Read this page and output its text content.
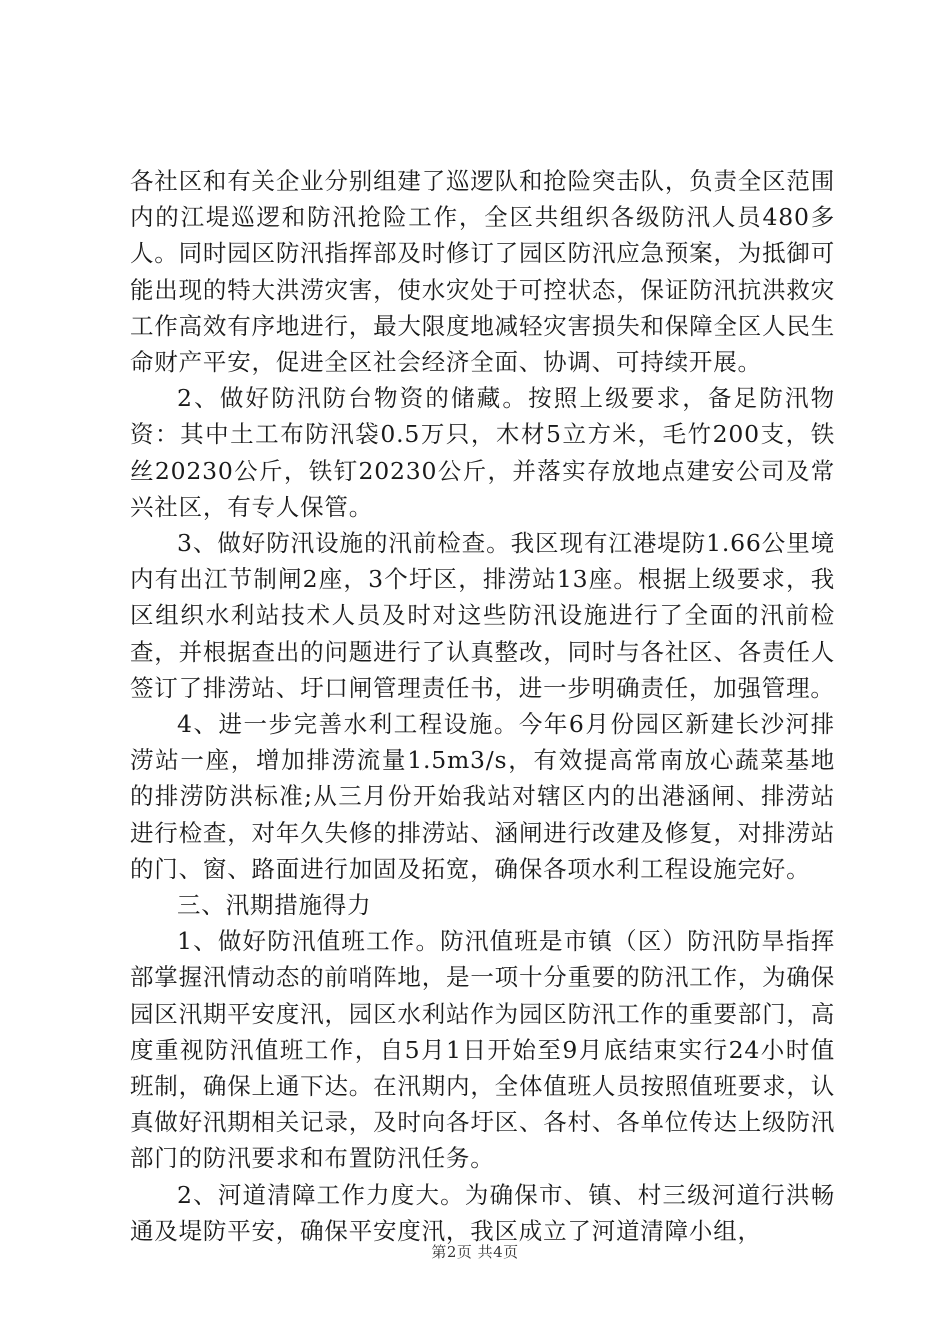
各社区和有关企业分别组建了巡逻队和抢险突击队，负责全区范围内的江堤巡逻和防汛抢险工作，全区共组织各级防汛人员480多人。同时园区防汛指挥部及时修订了园区防汛应急预案，为抵御可能出现的特大洪涝灾害，使水灾处于可控状态，保证防汛抗洪救灾工作高效有序地进行，最大限度地减轻灾害损失和保障全区人民生命财产平安，促进全区社会经济全面、协调、可持续开展。

2、做好防汛防台物资的储藏。按照上级要求，备足防汛物资：其中土工布防汛袋0.5万只，木材5立方米，毛竹200支，铁丝20230公斤，铁钉20230公斤，并落实存放地点建安公司及常兴社区，有专人保管。

3、做好防汛设施的汛前检查。我区现有江港堤防1.66公里境内有出江节制闸2座，3个圩区，排涝站13座。根据上级要求，我区组织水利站技术人员及时对这些防汛设施进行了全面的汛前检查，并根据查出的问题进行了认真整改，同时与各社区、各责任人签订了排涝站、圩口闸管理责任书，进一步明确责任，加强管理。

4、进一步完善水利工程设施。今年6月份园区新建长沙河排涝站一座，增加排涝流量1.5m3/s，有效提高常南放心蔬菜基地的排涝防洪标准;从三月份开始我站对辖区内的出港涵闸、排涝站进行检查，对年久失修的排涝站、涵闸进行改建及修复，对排涝站的门、窗、路面进行加固及拓宽，确保各项水利工程设施完好。

三、汛期措施得力

1、做好防汛值班工作。防汛值班是市镇（区）防汛防旱指挥部掌握汛情动态的前哨阵地，是一项十分重要的防汛工作，为确保园区汛期平安度汛，园区水利站作为园区防汛工作的重要部门，高度重视防汛值班工作，自5月1日开始至9月底结束实行24小时值班制，确保上通下达。在汛期内，全体值班人员按照值班要求，认真做好汛期相关记录，及时向各圩区、各村、各单位传达上级防汛部门的防汛要求和布置防汛任务。

2、河道清障工作力度大。为确保市、镇、村三级河道行洪畅通及堤防平安，确保平安度汛，我区成立了河道清障小组，

第2页 共4页
